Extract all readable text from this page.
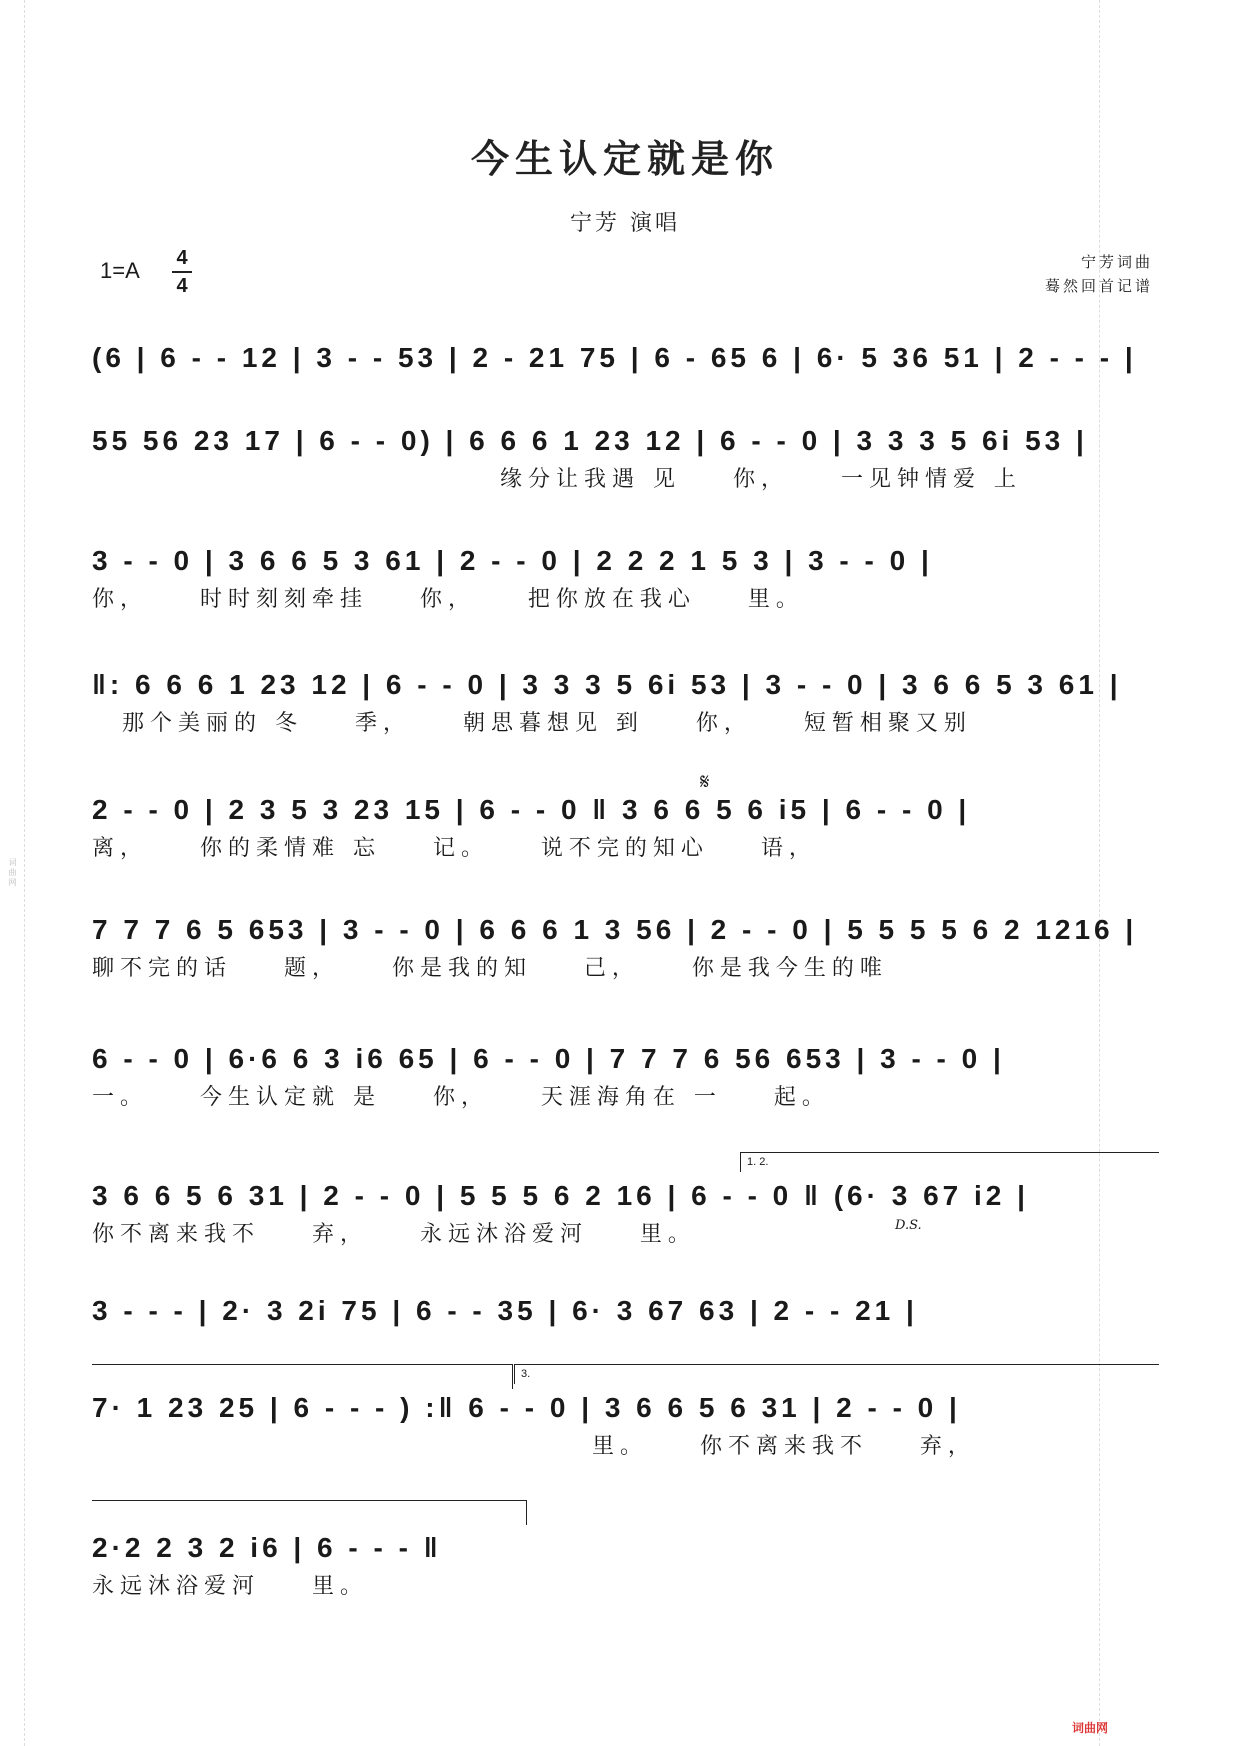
词曲网
今生认定就是你
宁芳 演唱
1=A 4
4
宁芳词曲
蓦然回首记谱
(6 | 6 - - 12 | 3 - - 53 | 2 - 21 75 | 6 - 65 6 | 6· 5 36 51 | 2 - - - |
55 56 23 17 | 6 - - 0) | 6 6 6 1 23 12 | 6 - - 0 | 3 3 3 5 6i 53 |
缘分让我遇 见    你，    一见钟情爱 上
3 - - 0 | 3 6 6 5 3 61 | 2 - - 0 | 2 2 2 1 5 3 | 3 - - 0 |
你，    时时刻刻牵挂    你，    把你放在我心    里。
‖: 6 6 6 1 23 12 | 6 - - 0 | 3 3 3 5 6i 53 | 3 - - 0 | 3 6 6 5 3 61 |
那个美丽的 冬    季，    朝思暮想见 到    你，    短暂相聚又别
2 - - 0 | 2 3 5 3 23 15 | 6 - - 0 ‖ 3 6 6 5 6 i5 | 6 - - 0 |
离，    你的柔情难 忘    记。    说不完的知心    语，
𝄋
7 7 7 6 5 653 | 3 - - 0 | 6 6 6 1 3 56 | 2 - - 0 | 5 5 5 5 6 2 1216 |
聊不完的话    题，    你是我的知    己，    你是我今生的唯
6 - - 0 | 6·6 6 3 i6 65 | 6 - - 0 | 7 7 7 6 56 653 | 3 - - 0 |
一。    今生认定就 是    你，    天涯海角在 一    起。
1. 2.
3 6 6 5 6 31 | 2 - - 0 | 5 5 5 6 2 16 | 6 - - 0 ‖ (6· 3 67 i2 |
你不离来我不    弃，    永远沐浴爱河    里。	D.S.
3 - - - | 2· 3 2i 75 | 6 - - 35 | 6· 3 67 63 | 2 - - 21 |
3.
7· 1 23 25 | 6 - - - ) :‖ 6 - - 0 | 3 6 6 5 6 31 | 2 - - 0 |
里。    你不离来我不    弃，
2·2 2 3 2 i6 | 6 - - - ‖
永远沐浴爱河    里。
词曲网
